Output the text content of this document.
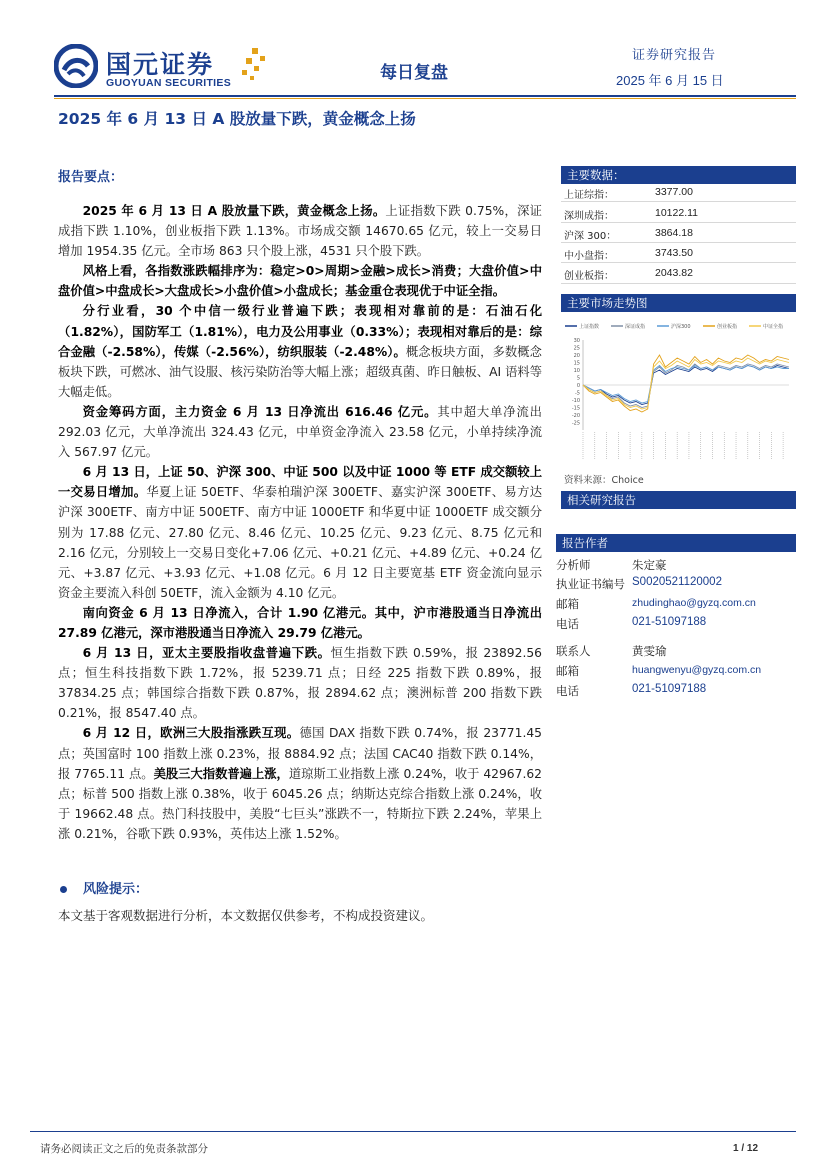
国元证券
GUOYUAN SECURITIES	每日复盘
证券研究报告
2025 年 6 月 15 日
2025 年 6 月 13 日 A 股放量下跌，黄金概念上扬
报告要点：

2025 年 6 月 13 日 A 股放量下跌，黄金概念上扬。上证指数下跌 0.75%，深证成指下跌 1.10%，创业板指下跌 1.13%。市场成交额 14670.65 亿元，较上一交易日增加 1954.35 亿元。全市场 863 只个股上涨，4531 只个股下跌。

风格上看，各指数涨跌幅排序为：稳定>0>周期>金融>成长>消费；大盘价值>中盘价值>中盘成长>大盘成长>小盘价值>小盘成长；基金重仓表现优于中证全指。

分行业看，30 个中信一级行业普遍下跌；表现相对靠前的是：石油石化（1.82%），国防军工（1.81%），电力及公用事业（0.33%）；表现相对靠后的是：综合金融（-2.58%），传媒（-2.56%），纺织服装（-2.48%）。概念板块方面，多数概念板块下跌，可燃冰、油气设服、核污染防治等大幅上涨；超级真菌、昨日触板、AI 语料等大幅走低。

资金筹码方面，主力资金 6 月 13 日净流出 616.46 亿元。其中超大单净流出 292.03 亿元，大单净流出 324.43 亿元，中单资金净流入 23.58 亿元，小单持续净流入 567.97 亿元。

6 月 13 日，上证 50、沪深 300、中证 500 以及中证 1000 等 ETF 成交额较上一交易日增加。华夏上证 50ETF、华泰柏瑞沪深 300ETF、嘉实沪深 300ETF、易方达沪深 300ETF、南方中证 500ETF、南方中证 1000ETF 和华夏中证 1000ETF 成交额分别为 17.88 亿元、27.80 亿元、8.46 亿元、10.25 亿元、9.23 亿元、8.75 亿元和 2.16 亿元，分别较上一交易日变化+7.06 亿元、+0.21 亿元、+4.89 亿元、+0.24 亿元、+3.87 亿元、+3.93 亿元、+1.08 亿元。6 月 12 日主要宽基 ETF 资金流向显示资金主要流入科创 50ETF，流入金额为 4.10 亿元。

南向资金 6 月 13 日净流入，合计 1.90 亿港元。其中，沪市港股通当日净流出 27.89 亿港元，深市港股通当日净流入 29.79 亿港元。

6 月 13 日，亚太主要股指收盘普遍下跌。恒生指数下跌 0.59%，报 23892.56 点；恒生科技指数下跌 1.72%，报 5239.71 点；日经 225 指数下跌 0.89%，报 37834.25 点；韩国综合指数下跌 0.87%，报 2894.62 点；澳洲标普 200 指数下跌 0.21%，报 8547.40 点。

6 月 12 日，欧洲三大股指涨跌互现。德国 DAX 指数下跌 0.74%，报 23771.45 点；英国富时 100 指数上涨 0.23%，报 8884.92 点；法国 CAC40 指数下跌 0.14%，报 7765.11 点。美股三大指数普遍上涨，道琼斯工业指数上涨 0.24%，收于 42967.62 点；标普 500 指数上涨 0.38%，收于 6045.26 点；纳斯达克综合指数上涨 0.24%，收于 19662.48 点。热门科技股中，美股“七巨头”涨跌不一，特斯拉下跌 2.24%，苹果上涨 0.21%，谷歌下跌 0.93%，英伟达上涨 1.52%。

风险提示：
本文基于客观数据进行分析，本文数据仅供参考，不构成投资建议。
主要数据：
上证综指：	3377.00
深圳成指：	10122.11
沪深 300：	3864.18
中小盘指：	3743.50
创业板指：	2043.82
主要市场走势图
上证指数	深证成指	沪深300	创业板指	中证全指
30
25
20
15
10
5
0
-5
-10
-15
-20
-25
资料来源：Choice
相关研究报告
报告作者
分析师	朱定豪
执业证书编号 S0020521120002
邮箱	zhudinghao@gyzq.com.cn
电话	021-51097188
联系人	黄雯瑜
邮箱	huangwenyu@gyzq.com.cn
电话	021-51097188
请务必阅读正文之后的免责条款部分	1 / 12
